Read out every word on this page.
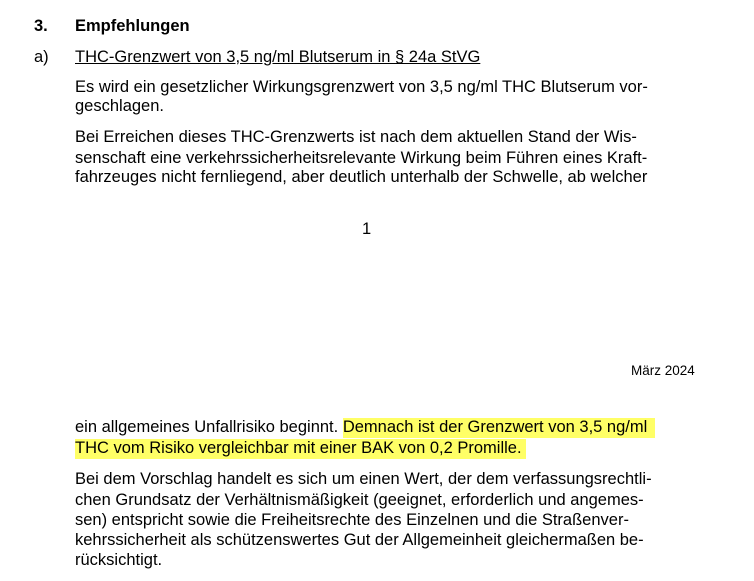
3. Empfehlungen
a) THC-Grenzwert von 3,5 ng/ml Blutserum in § 24a StVG
Es wird ein gesetzlicher Wirkungsgrenzwert von 3,5 ng/ml THC Blutserum vor-
geschlagen.
Bei Erreichen dieses THC-Grenzwerts ist nach dem aktuellen Stand der Wis-
senschaft eine verkehrssicherheitsrelevante Wirkung beim Führen eines Kraft-
fahrzeuges nicht fernliegend, aber deutlich unterhalb der Schwelle, ab welcher
1
März 2024
ein allgemeines Unfallrisiko beginnt. Demnach ist der Grenzwert von 3,5 ng/ml
THC vom Risiko vergleichbar mit einer BAK von 0,2 Promille.
Bei dem Vorschlag handelt es sich um einen Wert, der dem verfassungsrechtli-
chen Grundsatz der Verhältnismäßigkeit (geeignet, erforderlich und angemes-
sen) entspricht sowie die Freiheitsrechte des Einzelnen und die Straßenver-
kehrssicherheit als schützenswertes Gut der Allgemeinheit gleichermaßen be-
rücksichtigt.
